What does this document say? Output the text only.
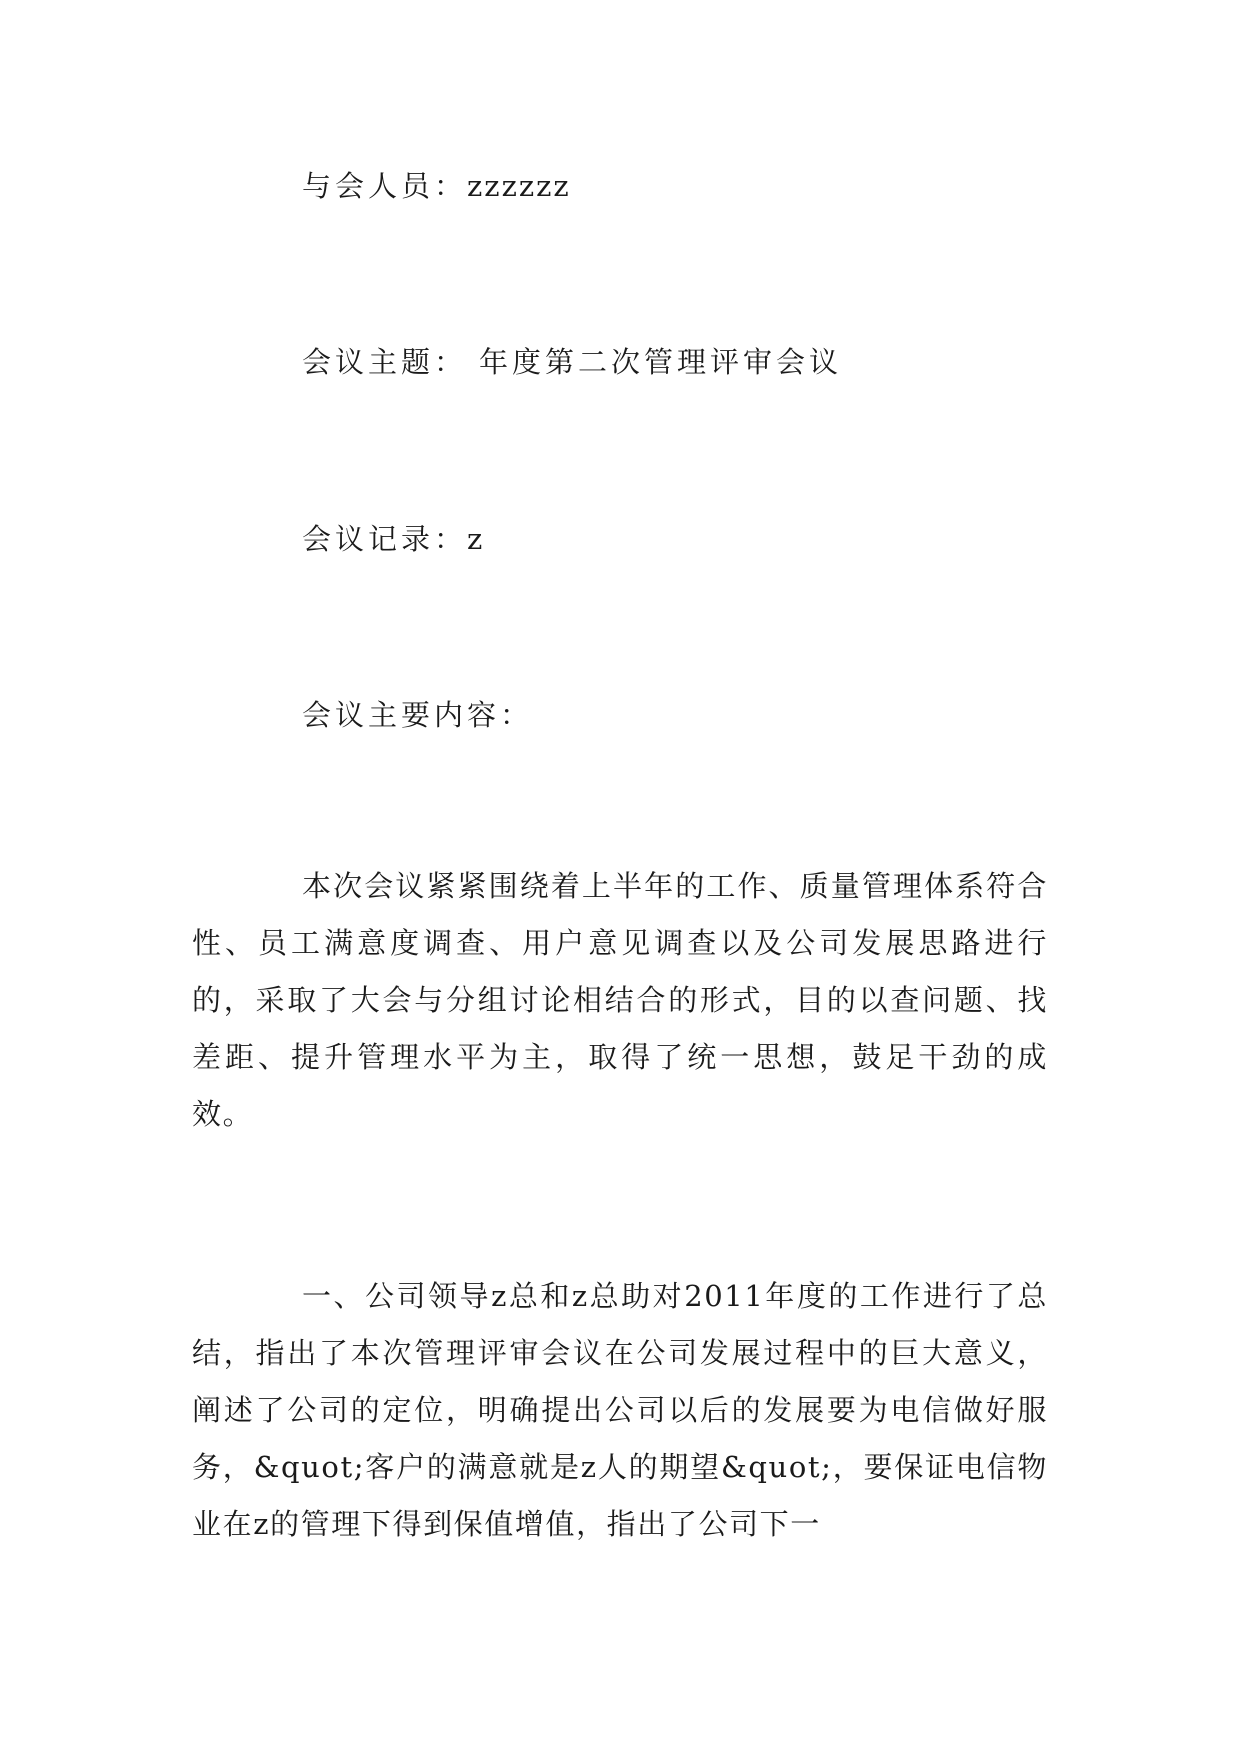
与会人员：zzzzzz
会议主题： 年度第二次管理评审会议
会议记录：z
会议主要内容：

本次会议紧紧围绕着上半年的工作、质量管理体系符合性、员工满意度调查、用户意见调查以及公司发展思路进行的，采取了大会与分组讨论相结合的形式，目的以查问题、找差距、提升管理水平为主，取得了统一思想，鼓足干劲的成效。

一、公司领导z总和z总助对2011年度的工作进行了总结，指出了本次管理评审会议在公司发展过程中的巨大意义，阐述了公司的定位，明确提出公司以后的发展要为电信做好服务，&quot;客户的满意就是z人的期望&quot;，要保证电信物业在z的管理下得到保值增值，指出了公司下一
